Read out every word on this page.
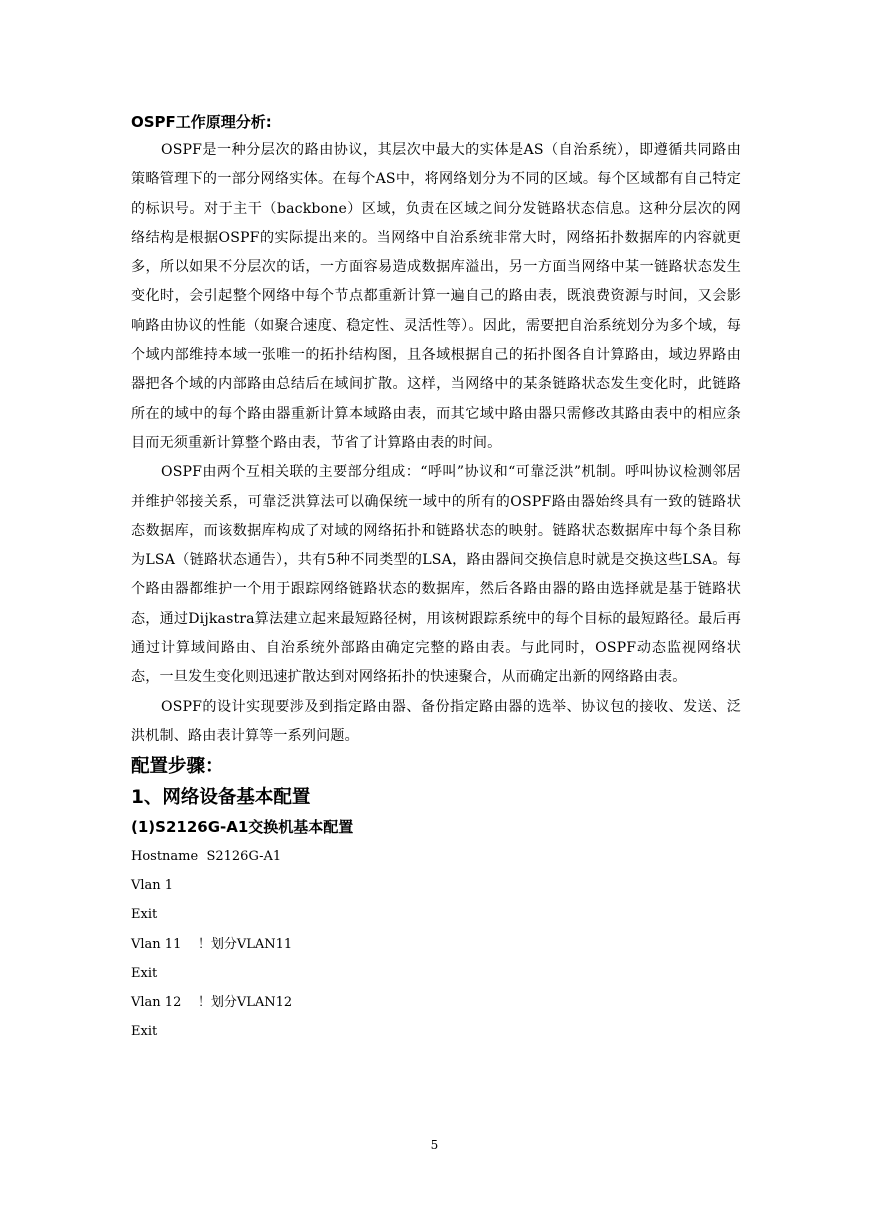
OSPF工作原理分析:

OSPF是一种分层次的路由协议，其层次中最大的实体是AS（自治系统），即遵循共同路由策略管理下的一部分网络实体。在每个AS中，将网络划分为不同的区域。每个区域都有自己特定的标识号。对于主干（backbone）区域，负责在区域之间分发链路状态信息。这种分层次的网络结构是根据OSPF的实际提出来的。当网络中自治系统非常大时，网络拓扑数据库的内容就更多，所以如果不分层次的话，一方面容易造成数据库溢出，另一方面当网络中某一链路状态发生变化时，会引起整个网络中每个节点都重新计算一遍自己的路由表，既浪费资源与时间，又会影响路由协议的性能（如聚合速度、稳定性、灵活性等）。因此，需要把自治系统划分为多个域，每个域内部维持本域一张唯一的拓扑结构图，且各域根据自己的拓扑图各自计算路由，域边界路由器把各个域的内部路由总结后在域间扩散。这样，当网络中的某条链路状态发生变化时，此链路所在的域中的每个路由器重新计算本域路由表，而其它域中路由器只需修改其路由表中的相应条目而无须重新计算整个路由表，节省了计算路由表的时间。

OSPF由两个互相关联的主要部分组成：“呼叫”协议和“可靠泛洪”机制。呼叫协议检测邻居并维护邻接关系，可靠泛洪算法可以确保统一域中的所有的OSPF路由器始终具有一致的链路状态数据库，而该数据库构成了对域的网络拓扑和链路状态的映射。链路状态数据库中每个条目称为LSA（链路状态通告），共有5种不同类型的LSA，路由器间交换信息时就是交换这些LSA。每个路由器都维护一个用于跟踪网络链路状态的数据库，然后各路由器的路由选择就是基于链路状态，通过Dijkastra算法建立起来最短路径树，用该树跟踪系统中的每个目标的最短路径。最后再通过计算域间路由、自治系统外部路由确定完整的路由表。与此同时，OSPF动态监视网络状态，一旦发生变化则迅速扩散达到对网络拓扑的快速聚合，从而确定出新的网络路由表。

OSPF的设计实现要涉及到指定路由器、备份指定路由器的选举、协议包的接收、发送、泛洪机制、路由表计算等一系列问题。

配置步骤：
1、网络设备基本配置
(1)S2126G-A1交换机基本配置
Hostname  S2126G-A1
Vlan 1
Exit
Vlan 11    ！划分VLAN11
Exit
Vlan 12    ！划分VLAN12
Exit
5
